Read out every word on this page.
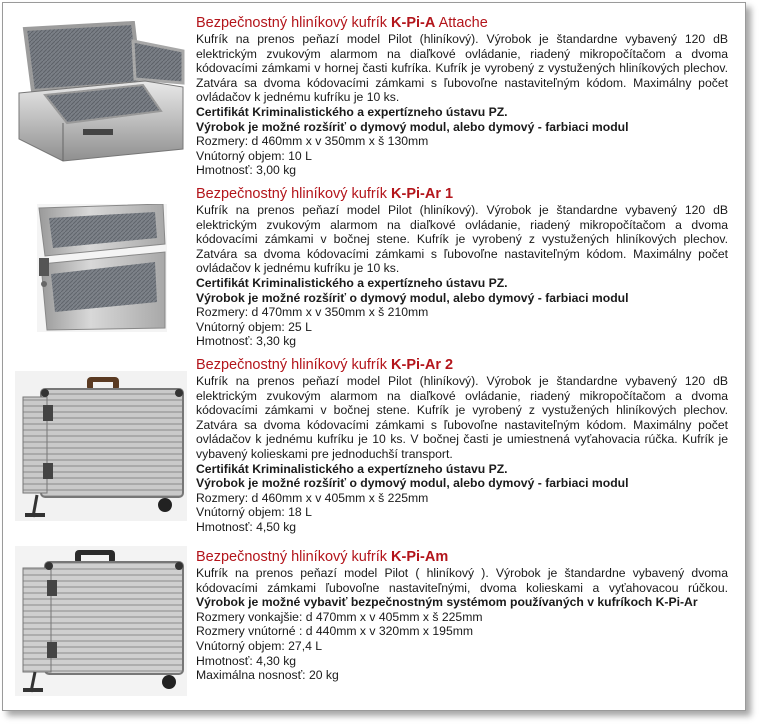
Bezpečnostný hliníkový kufrík K-Pi-A Attache
Kufrík na prenos peňazí model Pilot (hliníkový). Výrobok je štandardne vybavený 120 dB elektrickým zvukovým alarmom na diaľkové ovládanie, riadený mikropočítačom a dvoma kódovacími zámkami v hornej časti kufríka. Kufrík je vyrobený z vystužených hliníkových plechov. Zatvára sa dvoma kódovacími zámkami s ľubovoľne nastaviteľným kódom. Maximálny počet ovládačov k jednému kufríku je 10 ks.
Certifikát Kriminalistického a expertízneho ústavu PZ.
Výrobok je možné rozšíriť o dymový modul, alebo dymový - farbiaci modul
Rozmery: d 460mm x v 350mm x š 130mm
Vnútorný objem: 10 L
Hmotnosť: 3,00 kg
Bezpečnostný hliníkový kufrík K-Pi-Ar 1
Kufrík na prenos peňazí model Pilot (hliníkový). Výrobok je štandardne vybavený 120 dB elektrickým zvukovým alarmom na diaľkové ovládanie, riadený mikropočítačom a dvoma kódovacími zámkami v bočnej stene. Kufrík je vyrobený z vystužených hliníkových plechov. Zatvára sa dvoma kódovacími zámkami s ľubovoľne nastaviteľným kódom. Maximálny počet ovládačov k jednému kufríku je 10 ks.
Certifikát Kriminalistického a expertízneho ústavu PZ.
Výrobok je možné rozšíriť o dymový modul, alebo dymový - farbiaci modul
Rozmery: d 470mm x v 350mm x š 210mm
Vnútorný objem: 25 L
Hmotnosť: 3,30 kg
Bezpečnostný hliníkový kufrík K-Pi-Ar 2
Kufrík na prenos peňazí model Pilot (hliníkový). Výrobok je štandardne vybavený 120 dB elektrickým zvukovým alarmom na diaľkové ovládanie, riadený mikropočítačom a dvoma kódovacími zámkami v bočnej stene. Kufrík je vyrobený z vystužených hliníkových plechov. Zatvára sa dvoma kódovacími zámkami s ľubovoľne nastaviteľným kódom. Maximálny počet ovládačov k jednému kufríku je 10 ks. V bočnej časti je umiestnená vyťahovacia rúčka. Kufrík je vybavený kolieskami pre jednoduchší transport.
Certifikát Kriminalistického a expertízneho ústavu PZ.
Výrobok je možné rozšíriť o dymový modul, alebo dymový - farbiaci modul
Rozmery: d 460mm x v 405mm x š 225mm
Vnútorný objem: 18 L
Hmotnosť: 4,50 kg
Bezpečnostný hliníkový kufrík K-Pi-Am
Kufrík na prenos peňazí model Pilot ( hliníkový ). Výrobok je štandardne vybavený dvoma kódovacími zámkami ľubovoľne nastaviteľnými, dvoma kolieskami a vyťahovacou rúčkou. Výrobok je možné vybaviť bezpečnostným systémom používaných v kufríkoch K-Pi-Ar
Rozmery vonkajšie: d 470mm x v 405mm x š 225mm
Rozmery vnútorné : d 440mm x v 320mm x 195mm
Vnútorný objem: 27,4 L
Hmotnosť: 4,30 kg
Maximálna nosnosť: 20 kg
